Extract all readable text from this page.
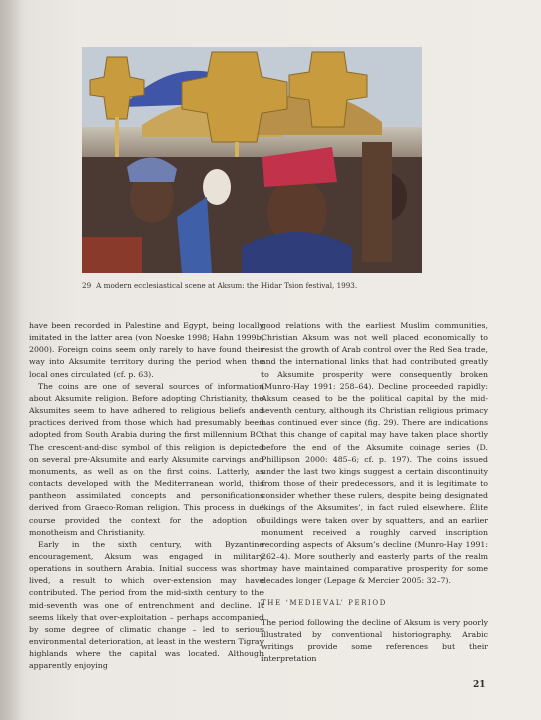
29 A modern ecclesiastical scene at Aksum: the Hidar Tsion festival, 1993.

have been recorded in Palestine and Egypt, being locally imitated in the latter area (von Noeske 1998; Hahn 1999b, 2000). Foreign coins seem only rarely to have found their way into Aksumite territory during the period when the local ones circulated (cf. p. 63).

The coins are one of several sources of information about Aksumite religion. Before adopting Christianity, the Aksumites seem to have adhered to religious beliefs and practices derived from those which had presumably been adopted from South Arabia during the first millennium BC. The crescent-and-disc symbol of this religion is depicted on several pre-Aksumite and early Aksumite carvings and monuments, as well as on the first coins. Latterly, as contacts developed with the Mediterranean world, this pantheon assimilated concepts and personifications derived from Graeco-Roman religion. This process in due course provided the context for the adoption of monotheism and Christianity.

Early in the sixth century, with Byzantine encouragement, Aksum was engaged in military operations in southern Arabia. Initial success was short-lived, a result to which over-extension may have contributed. The period from the mid-sixth century to the mid-seventh was one of entrenchment and decline. It seems likely that over-exploitation – perhaps accompanied by some degree of climatic change – led to serious environmental deterioration, at least in the western Tigray highlands where the capital was located. Although apparently enjoying

good relations with the earliest Muslim communities, Christian Aksum was not well placed economically to resist the growth of Arab control over the Red Sea trade, and the international links that had contributed greatly to Aksumite prosperity were consequently broken (Munro-Hay 1991: 258–64). Decline proceeded rapidly: Aksum ceased to be the political capital by the mid-seventh century, although its Christian religious primacy has continued ever since (fig. 29). There are indications that this change of capital may have taken place shortly before the end of the Aksumite coinage series (D. Phillipson 2000: 485–6; cf. p. 197). The coins issued under the last two kings suggest a certain discontinuity from those of their predecessors, and it is legitimate to consider whether these rulers, despite being designated ‘kings of the Aksumites’, in fact ruled elsewhere. Élite buildings were taken over by squatters, and an earlier monument received a roughly carved inscription recording aspects of Aksum’s decline (Munro-Hay 1991: 262–4). More southerly and easterly parts of the realm may have maintained comparative prosperity for some decades longer (Lepage & Mercier 2005: 32–7).

THE ‘MEDIEVAL’ PERIOD

The period following the decline of Aksum is very poorly illustrated by conventional historiography. Arabic writings provide some references but their interpretation

21
